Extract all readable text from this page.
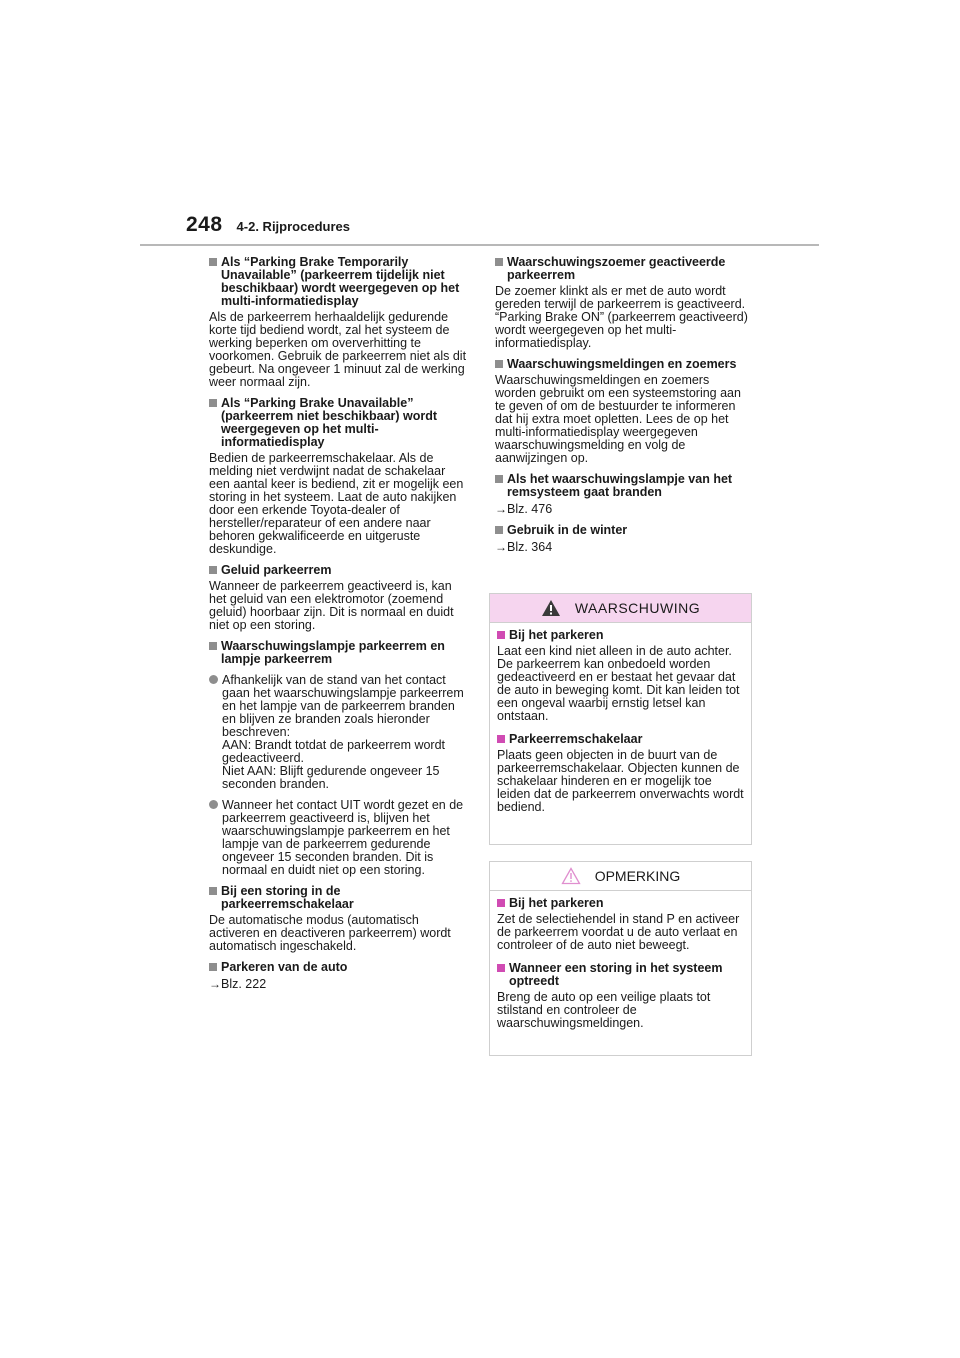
248 4-2. Rijprocedures
Als “Parking Brake Temporarily Unavailable” (parkeerrem tijdelijk niet beschikbaar) wordt weergegeven op het multi-informatiedisplay
Als de parkeerrem herhaaldelijk gedurende korte tijd bediend wordt, zal het systeem de werking beperken om oververhitting te voorkomen. Gebruik de parkeerrem niet als dit gebeurt. Na ongeveer 1 minuut zal de werking weer normaal zijn.
Als “Parking Brake Unavailable” (parkeerrem niet beschikbaar) wordt weergegeven op het multi-informatiedisplay
Bedien de parkeerremschakelaar. Als de melding niet verdwijnt nadat de schakelaar een aantal keer is bediend, zit er mogelijk een storing in het systeem. Laat de auto nakijken door een erkende Toyota-dealer of hersteller/reparateur of een andere naar behoren gekwalificeerde en uitgeruste deskundige.
Geluid parkeerrem
Wanneer de parkeerrem geactiveerd is, kan het geluid van een elektromotor (zoemend geluid) hoorbaar zijn. Dit is normaal en duidt niet op een storing.
Waarschuwingslampje parkeerrem en lampje parkeerrem
Afhankelijk van de stand van het contact gaan het waarschuwingslampje parkeerrem en het lampje van de parkeerrem branden en blijven ze branden zoals hieronder beschreven:
AAN: Brandt totdat de parkeerrem wordt gedeactiveerd.
Niet AAN: Blijft gedurende ongeveer 15 seconden branden.
Wanneer het contact UIT wordt gezet en de parkeerrem geactiveerd is, blijven het waarschuwingslampje parkeerrem en het lampje van de parkeerrem gedurende ongeveer 15 seconden branden. Dit is normaal en duidt niet op een storing.
Bij een storing in de parkeerremschakelaar
De automatische modus (automatisch activeren en deactiveren parkeerrem) wordt automatisch ingeschakeld.
Parkeren van de auto
→Blz. 222
Waarschuwingszoemer geactiveerde parkeerrem
De zoemer klinkt als er met de auto wordt gereden terwijl de parkeerrem is geactiveerd. “Parking Brake ON” (parkeerrem geactiveerd) wordt weergegeven op het multi-informatiedisplay.
Waarschuwingsmeldingen en zoemers
Waarschuwingsmeldingen en zoemers worden gebruikt om een systeemstoring aan te geven of om de bestuurder te informeren dat hij extra moet opletten. Lees de op het multi-informatiedisplay weergegeven waarschuwingsmelding en volg de aanwijzingen op.
Als het waarschuwingslampje van het remsysteem gaat branden
→Blz. 476
Gebruik in de winter
→Blz. 364
WAARSCHUWING
Bij het parkeren
Laat een kind niet alleen in de auto achter. De parkeerrem kan onbedoeld worden gedeactiveerd en er bestaat het gevaar dat de auto in beweging komt. Dit kan leiden tot een ongeval waarbij ernstig letsel kan ontstaan.
Parkeerremschakelaar
Plaats geen objecten in de buurt van de parkeerremschakelaar. Objecten kunnen de schakelaar hinderen en er mogelijk toe leiden dat de parkeerrem onverwachts wordt bediend.
OPMERKING
Bij het parkeren
Zet de selectiehendel in stand P en activeer de parkeerrem voordat u de auto verlaat en controleer of de auto niet beweegt.
Wanneer een storing in het systeem optreedt
Breng de auto op een veilige plaats tot stilstand en controleer de waarschuwingsmeldingen.
